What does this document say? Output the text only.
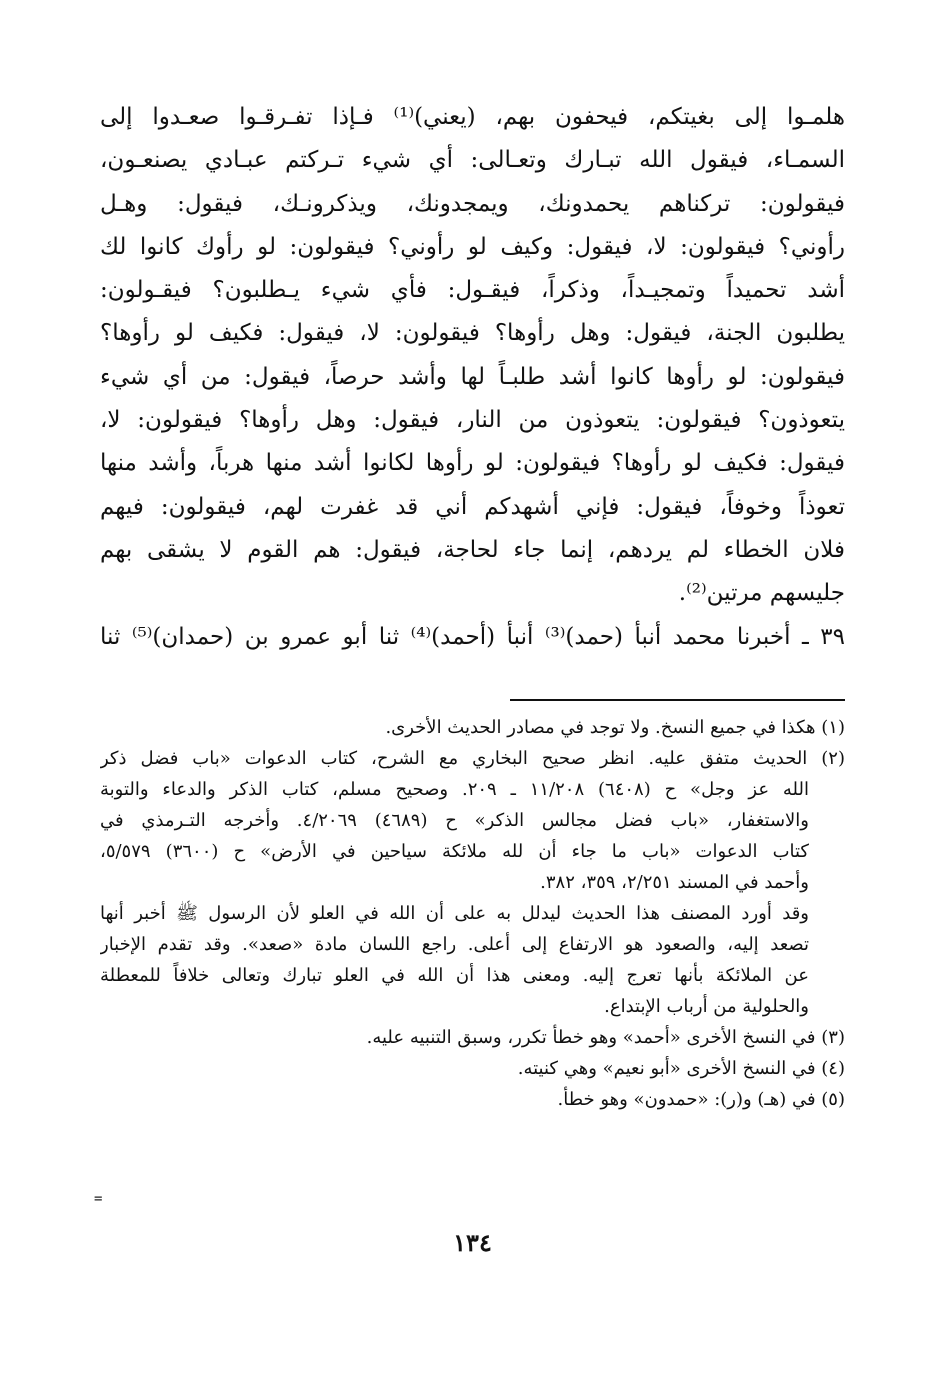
هلمـوا إلى بغيتكم، فيحفون بهم، (يعني)⁽¹⁾ فـإذا تفـرقـوا صعـدوا إلى
السمـاء، فيقول الله تبـارك وتعـالى: أي شيء تـركتم عبـادي يصنعـون،
فيقولون: تركناهم يحمدونك، ويمجدونك، ويذكرونـك، فيقول: وهـل
رأوني؟ فيقولون: لا، فيقول: وكيف لو رأوني؟ فيقولون: لو رأوك كانوا لك
أشد تحميداً وتمجيـداً، وذكراً، فيقـول: فأي شيء يـطلبون؟ فيقـولون:
يطلبون الجنة، فيقول: وهل رأوها؟ فيقولون: لا، فيقول: فكيف لو رأوها؟
فيقولون: لو رأوها كانوا أشد طلبـاً لها وأشد حرصاً، فيقول: من أي شيء
يتعوذون؟ فيقولون: يتعوذون من النار، فيقول: وهل رأوها؟ فيقولون: لا،
فيقول: فكيف لو رأوها؟ فيقولون: لو رأوها لكانوا أشد منها هرباً، وأشد منها
تعوذاً وخوفاً، فيقول: فإني أشهدكم أني قد غفرت لهم، فيقولون: فيهم
فلان الخطاء لم يردهم، إنما جاء لحاجة، فيقول: هم القوم لا يشقى بهم
جليسهم مرتين⁽²⁾.
٣٩ ـ أخبرنا محمد أنبأ (حمد)⁽³⁾ أنبأ (أحمد)⁽⁴⁾ ثنا أبو عمرو بن (حمدان)⁽⁵⁾ ثنا
(١) هكذا في جميع النسخ. ولا توجد في مصادر الحديث الأخرى.
(٢) الحديث متفق عليه. انظر صحيح البخاري مع الشرح، كتاب الدعوات «باب فضل ذكر
الله عز وجل» ح (٦٤٠٨) ١١/٢٠٨ ـ ٢٠٩. وصحيح مسلم، كتاب الذكر والدعاء والتوبة
والاستغفار، «باب فضل مجالس الذكر» ح (٤٦٨٩) ٤/٢٠٦٩. وأخرجه التـرمذي في
كتاب الدعوات «باب ما جاء أن لله ملائكة سياحين في الأرض» ح (٣٦٠٠) ٥/٥٧٩،
وأحمد في المسند ٢/٢٥١، ٣٥٩، ٣٨٢.
وقد أورد المصنف هذا الحديث ليدلل به على أن الله في العلو لأن الرسول ﷺ أخبر أنها
تصعد إليه، والصعود هو الارتفاع إلى أعلى. راجع اللسان مادة «صعد». وقد تقدم الإخبار
عن الملائكة بأنها تعرج إليه. ومعنى هذا أن الله في العلو تبارك وتعالى خلافاً للمعطلة
والحلولية من أرباب الإبتداع.
(٣) في النسخ الأخرى «أحمد» وهو خطأ تكرر، وسبق التنبيه عليه.
(٤) في النسخ الأخرى «أبو نعيم» وهي كنيته.
(٥) في (هـ) و(ر): «حمدون» وهو خطأ.
=
١٣٤
